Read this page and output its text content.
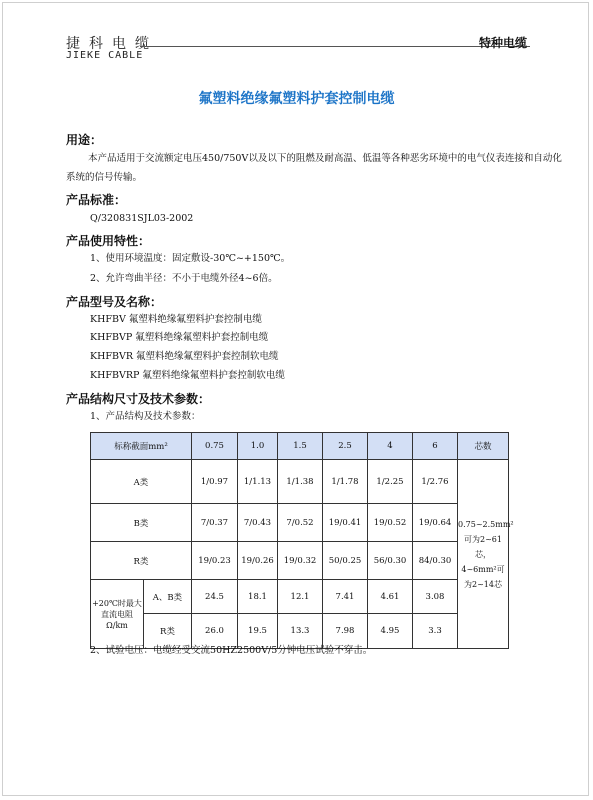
捷科电缆
JIEKE CABLE
特种电缆
氟塑料绝缘氟塑料护套控制电缆
用途：
本产品适用于交流额定电压450/750V以及以下的阻燃及耐高温、低温等各种恶劣环境中的电气仪表连接和自动化
系统的信号传输。
产品标准：
Q/320831SJL03-2002
产品使用特性：
1、使用环境温度：固定敷设-30℃~+150℃。
2、允许弯曲半径：不小于电缆外径4~6倍。
产品型号及名称：
KHFBV 氟塑料绝缘氟塑料护套控制电缆
KHFBVP 氟塑料绝缘氟塑料护套控制电缆
KHFBVR 氟塑料绝缘氟塑料护套控制软电缆
KHFBVRP 氟塑料绝缘氟塑料护套控制软电缆
产品结构尺寸及技术参数：
1、产品结构及技术参数：
标称截面mm²		0.75	1.0	1.5	2.5	4	6	芯数
A类		1/0.97	1/1.13	1/1.38	1/1.78	1/2.25	1/2.76	0.75~2.5mm²
可为2~61芯，
4~6mm²可
为2~14芯

B类		7/0.37	7/0.43	7/0.52	19/0.41	19/0.52	19/0.64	
R类		19/0.23	19/0.26	19/0.32	50/0.25	56/0.30	84/0.30	
+20℃时最大直流电阻Ω/km	A、B类	24.5	18.1	12.1	7.41	4.61	3.08	
	R类	26.0	19.5	13.3	7.98	4.95	3.3	
2、试验电压：电缆经受交流50HZ2500V/5分钟电压试验不穿击。
